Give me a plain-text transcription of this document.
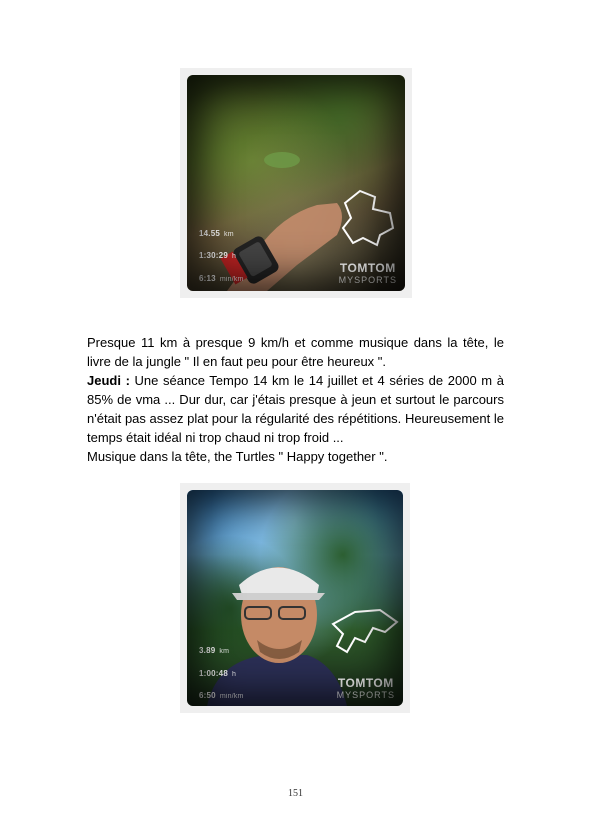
14.55 km
1:30:29 h
6:13 min/km
TOMTOM
MYSPORTS

Presque 11 km à presque 9 km/h et comme musique dans la tête, le livre de la jungle " Il en faut peu pour être heureux ".

Jeudi : Une séance Tempo 14 km le 14 juillet et 4 séries de 2000 m à 85% de vma ... Dur dur, car j'étais presque à jeun et surtout le parcours n'était pas assez plat pour la régularité des répétitions. Heureusement le temps était idéal ni trop chaud ni trop froid ...

Musique dans la tête, the Turtles " Happy together ".

3.89 km
1:00:48 h
6:50 min/km
TOMTOM
MYSPORTS
151
